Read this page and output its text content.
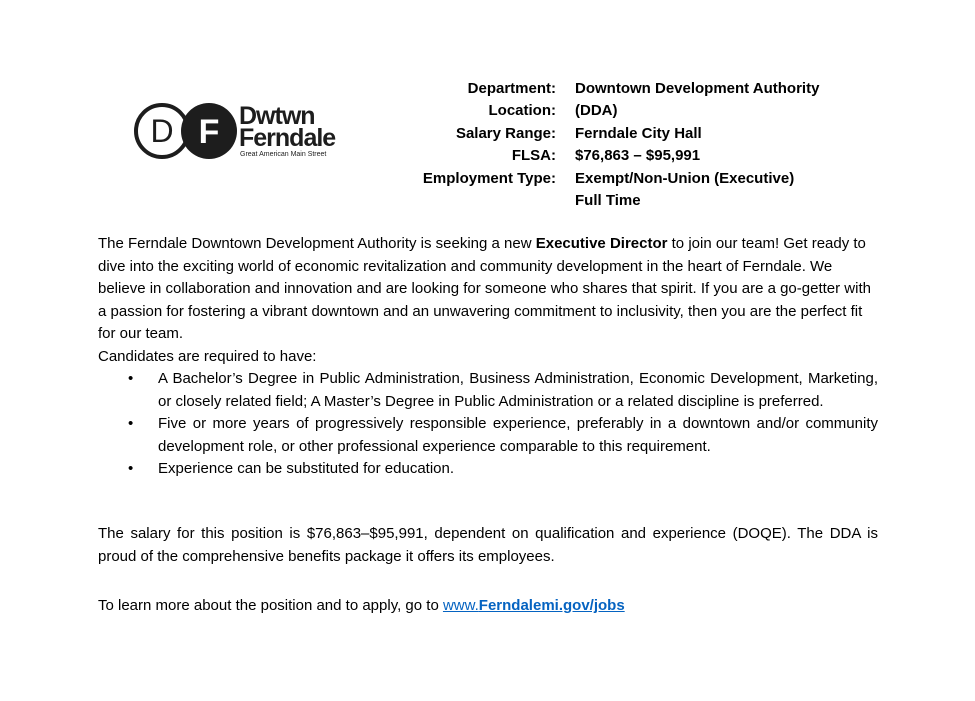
D F Dwtwn
Ferndale
Great American Main Street
Department:
Location:
Salary Range:
FLSA:
Employment Type:
Downtown Development Authority
(DDA)
Ferndale City Hall
$76,863 – $95,991
Exempt/Non-Union (Executive)
Full Time
The Ferndale Downtown Development Authority is seeking a new Executive Director to join our team! Get ready to dive into the exciting world of economic revitalization and community development in the heart of Ferndale. We believe in collaboration and innovation and are looking for someone who shares that spirit. If you are a go-getter with a passion for fostering a vibrant downtown and an unwavering commitment to inclusivity, then you are the perfect fit for our team.
Candidates are required to have:
• A Bachelor’s Degree in Public Administration, Business Administration, Economic Development, Marketing, or closely related field; A Master’s Degree in Public Administration or a related discipline is preferred.
• Five or more years of progressively responsible experience, preferably in a downtown and/or community development role, or other professional experience comparable to this requirement.
• Experience can be substituted for education.
The salary for this position is $76,863–$95,991, dependent on qualification and experience (DOQE). The DDA is proud of the comprehensive benefits package it offers its employees.
To learn more about the position and to apply, go to www.Ferndalemi.gov/jobs
